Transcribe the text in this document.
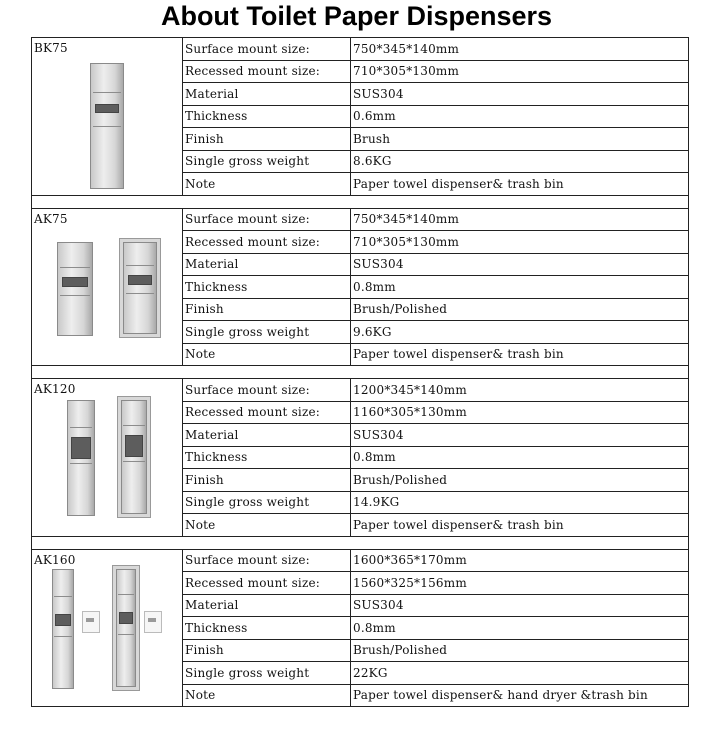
About Toilet Paper Dispensers
BK75	Surface mount size:	750*345*140mm
	Recessed mount size:	710*305*130mm
	Material	SUS304
	Thickness	0.6mm
	Finish	Brush
	Single gross weight	8.6KG
	Note	Paper towel dispenser& trash bin

AK75	Surface mount size:	750*345*140mm
	Recessed mount size:	710*305*130mm
	Material	SUS304
	Thickness	0.8mm
	Finish	Brush/Polished
	Single gross weight	9.6KG
	Note	Paper towel dispenser& trash bin

AK120	Surface mount size:	1200*345*140mm
	Recessed mount size:	1160*305*130mm
	Material	SUS304
	Thickness	0.8mm
	Finish	Brush/Polished
	Single gross weight	14.9KG
	Note	Paper towel dispenser& trash bin

AK160	Surface mount size:	1600*365*170mm
	Recessed mount size:	1560*325*156mm
	Material	SUS304
	Thickness	0.8mm
	Finish	Brush/Polished
	Single gross weight	22KG
	Note	Paper towel dispenser& hand dryer &trash bin
